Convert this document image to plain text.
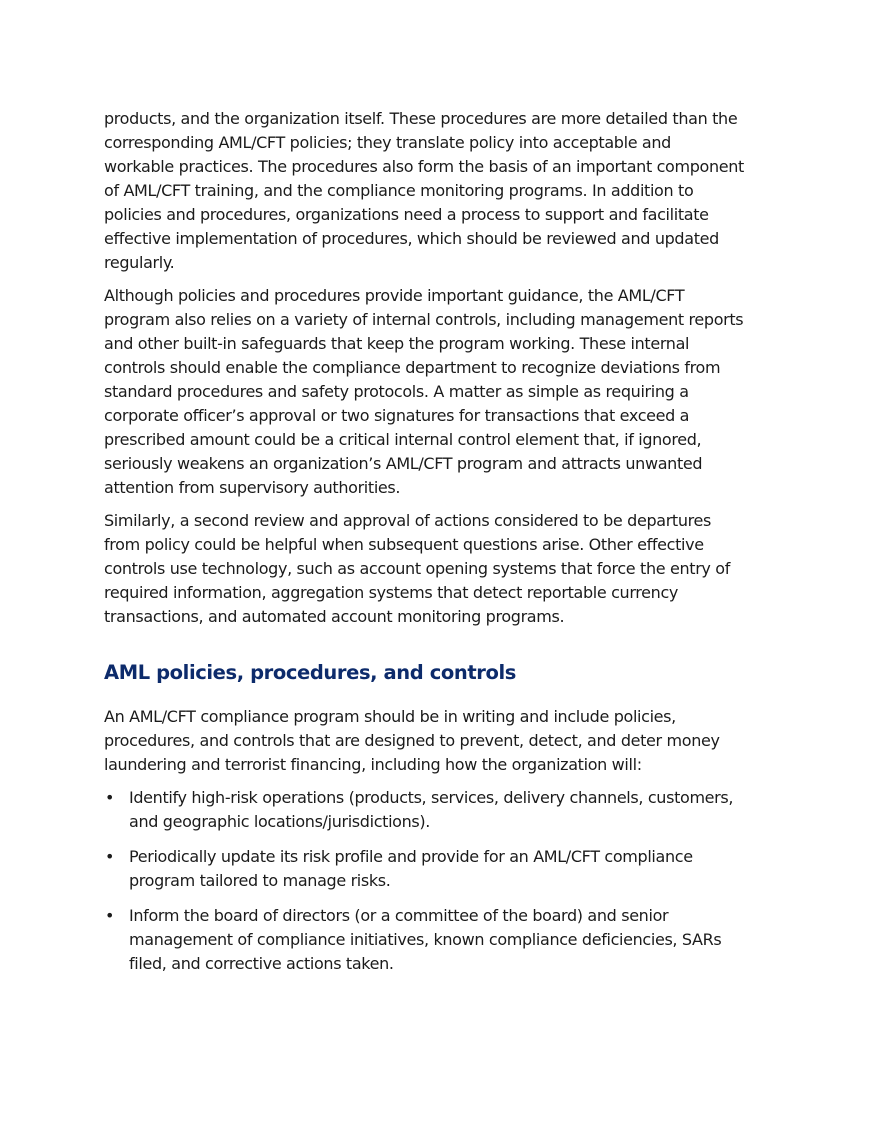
products, and the organization itself. These procedures are more detailed than the corresponding AML/CFT policies; they translate policy into acceptable and workable practices. The procedures also form the basis of an important component of AML/CFT training, and the compliance monitoring programs. In addition to policies and procedures, organizations need a process to support and facilitate effective implementation of procedures, which should be reviewed and updated regularly.

Although policies and procedures provide important guidance, the AML/CFT program also relies on a variety of internal controls, including management reports and other built-in safeguards that keep the program working. These internal controls should enable the compliance department to recognize deviations from standard procedures and safety protocols. A matter as simple as requiring a corporate officer’s approval or two signatures for transactions that exceed a prescribed amount could be a critical internal control element that, if ignored, seriously weakens an organization’s AML/CFT program and attracts unwanted attention from supervisory authorities.

Similarly, a second review and approval of actions considered to be departures from policy could be helpful when subsequent questions arise. Other effective controls use technology, such as account opening systems that force the entry of required information, aggregation systems that detect reportable currency transactions, and automated account monitoring programs.

AML policies, procedures, and controls

An AML/CFT compliance program should be in writing and include policies, procedures, and controls that are designed to prevent, detect, and deter money laundering and terrorist financing, including how the organization will:

• Identify high-risk operations (products, services, delivery channels, customers, and geographic locations/jurisdictions).
• Periodically update its risk profile and provide for an AML/CFT compliance program tailored to manage risks.
• Inform the board of directors (or a committee of the board) and senior management of compliance initiatives, known compliance deficiencies, SARs filed, and corrective actions taken.
